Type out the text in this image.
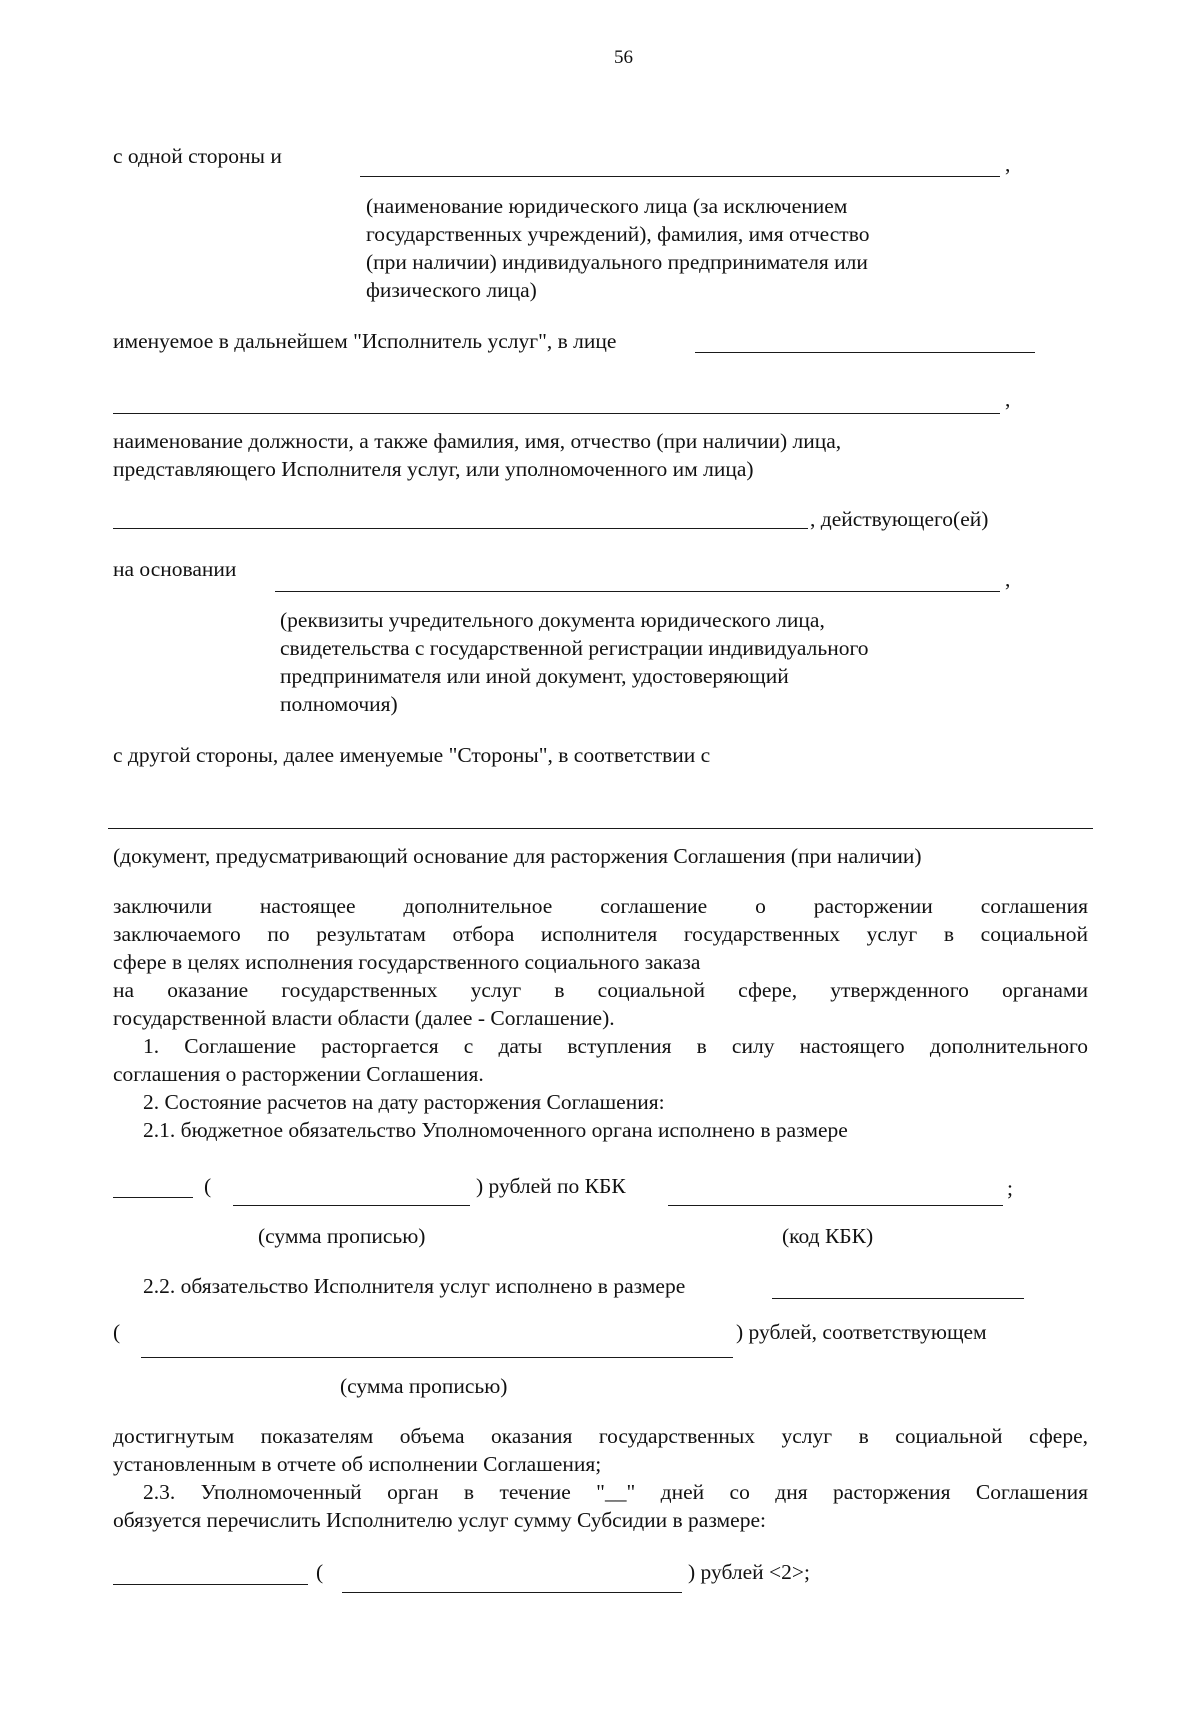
56
с одной стороны и	,
(наименование юридического лица (за исключением
государственных учреждений), фамилия, имя отчество
(при наличии) индивидуального предпринимателя или
физического лица)
именуемое в дальнейшем "Исполнитель услуг", в лице
,
наименование должности, а также фамилия, имя, отчество (при наличии) лица,
представляющего Исполнителя услуг, или уполномоченного им лица)
, действующего(ей)
на основании	,
(реквизиты учредительного документа юридического лица,
свидетельства с государственной регистрации индивидуального
предпринимателя или иной документ, удостоверяющий
полномочия)
с другой стороны, далее именуемые "Стороны", в соответствии с
(документ, предусматривающий основание для расторжения Соглашения (при наличии)
заключили настоящее дополнительное соглашение о расторжении соглашения
заключаемого по результатам отбора исполнителя государственных услуг в социальной
сфере в целях исполнения государственного социального заказа
на оказание государственных услуг в социальной сфере, утвержденного органами
государственной власти области (далее - Соглашение).
1. Соглашение расторгается с даты вступления в силу настоящего дополнительного
соглашения о расторжении Соглашения.
2. Состояние расчетов на дату расторжения Соглашения:
2.1. бюджетное обязательство Уполномоченного органа исполнено в размере
(	) рублей по КБК	;
(сумма прописью)	(код КБК)
2.2. обязательство Исполнителя услуг исполнено в размере
(	) рублей, соответствующем
(сумма прописью)
достигнутым показателям объема оказания государственных услуг в социальной сфере,
установленным в отчете об исполнении Соглашения;
2.3. Уполномоченный орган в течение "__" дней со дня расторжения Соглашения
обязуется перечислить Исполнителю услуг сумму Субсидии в размере:
(	) рублей <2>;
